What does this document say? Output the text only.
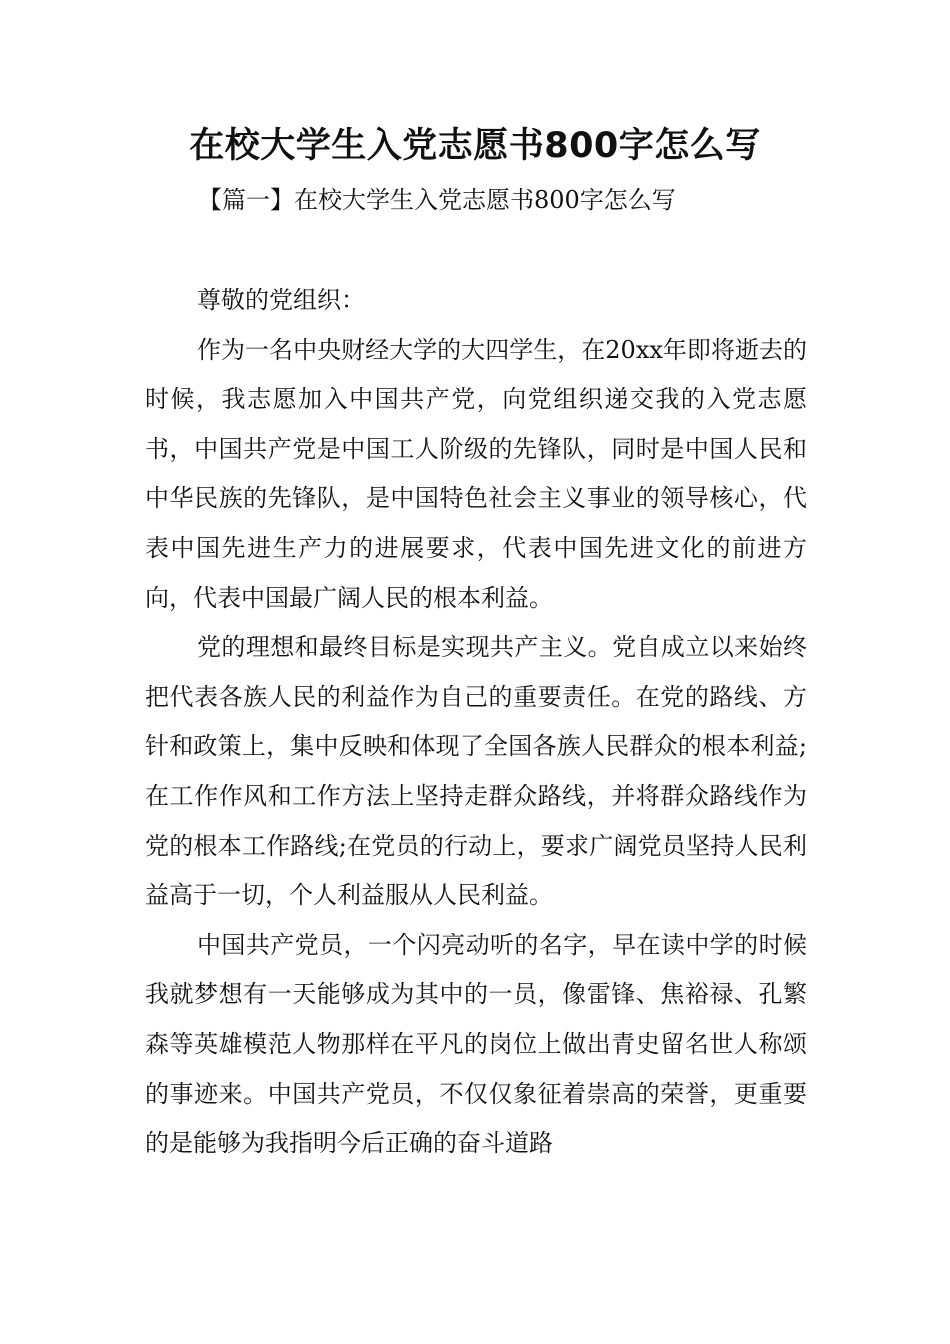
在校大学生入党志愿书800字怎么写

【篇一】在校大学生入党志愿书800字怎么写

尊敬的党组织：

作为一名中央财经大学的大四学生，在20xx年即将逝去的时候，我志愿加入中国共产党，向党组织递交我的入党志愿书，中国共产党是中国工人阶级的先锋队，同时是中国人民和中华民族的先锋队，是中国特色社会主义事业的领导核心，代表中国先进生产力的进展要求，代表中国先进文化的前进方向，代表中国最广阔人民的根本利益。

党的理想和最终目标是实现共产主义。党自成立以来始终把代表各族人民的利益作为自己的重要责任。在党的路线、方针和政策上，集中反映和体现了全国各族人民群众的根本利益;在工作作风和工作方法上坚持走群众路线，并将群众路线作为党的根本工作路线;在党员的行动上，要求广阔党员坚持人民利益高于一切，个人利益服从人民利益。

中国共产党员，一个闪亮动听的名字，早在读中学的时候我就梦想有一天能够成为其中的一员，像雷锋、焦裕禄、孔繁森等英雄模范人物那样在平凡的岗位上做出青史留名世人称颂的事迹来。中国共产党员，不仅仅象征着崇高的荣誉，更重要的是能够为我指明今后正确的奋斗道路
